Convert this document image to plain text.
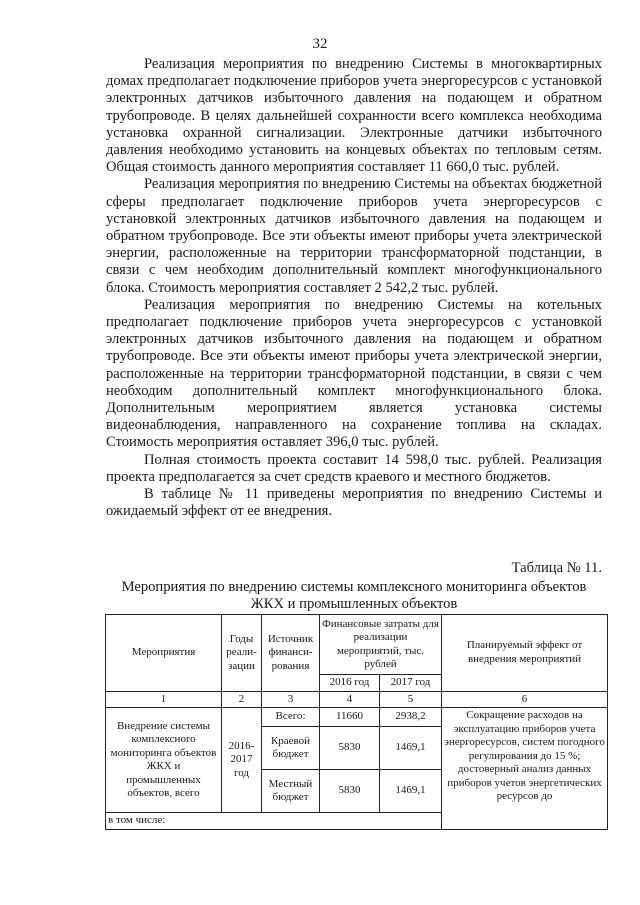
32

Реализация мероприятия по внедрению Системы в многоквартирных домах предполагает подключение приборов учета энергоресурсов с установкой электронных датчиков избыточного давления на подающем и обратном трубопроводе. В целях дальнейшей сохранности всего комплекса необходима установка охранной сигнализации. Электронные датчики избыточного давления необходимо установить на концевых объектах по тепловым сетям. Общая стоимость данного мероприятия составляет 11 660,0 тыс. рублей.

Реализация мероприятия по внедрению Системы на объектах бюджетной сферы предполагает подключение приборов учета энергоресурсов с установкой электронных датчиков избыточного давления на подающем и обратном трубопроводе. Все эти объекты имеют приборы учета электрической энергии, расположенные на территории трансформаторной подстанции, в связи с чем необходим дополнительный комплект многофункционального блока. Стоимость мероприятия составляет 2 542,2 тыс. рублей.

Реализация мероприятия по внедрению Системы на котельных предполагает подключение приборов учета энергоресурсов с установкой электронных датчиков избыточного давления на подающем и обратном трубопроводе. Все эти объекты имеют приборы учета электрической энергии, расположенные на территории трансформаторной подстанции, в связи с чем необходим дополнительный комплект многофункционального блока. Дополнительным мероприятием является установка системы видеонаблюдения, направленного на сохранение топлива на складах. Стоимость мероприятия оставляет 396,0 тыс. рублей.

Полная стоимость проекта составит 14 598,0 тыс. рублей. Реализация проекта предполагается за счет средств краевого и местного бюджетов.

В таблице № 11 приведены мероприятия по внедрению Системы и ожидаемый эффект от ее внедрения.

Таблица № 11.
Мероприятия по внедрению системы комплексного мониторинга объектов ЖКХ и промышленных объектов
Мероприятия	Годы реали-зации	Источник финанси-рования	Финансовые затраты для реализации мероприятий, тыс. рублей		Планируемый эффект от внедрения мероприятий
			2016 год	2017 год	
1	2	3	4	5	6
Внедрение системы комплексного мониторинга объектов ЖКХ и промышленных объектов, всего	2016-2017 год	Всего:	11660	2938,2	Сокращение расходов на эксплуатацию приборов учета энергоресурсов, систем погодного регулирования до 15 %; достоверный анализ данных приборов учетов энергетических ресурсов до
		Краевой бюджет	5830	1469,1	
		Местный бюджет	5830	1469,1	
в том числе:					
